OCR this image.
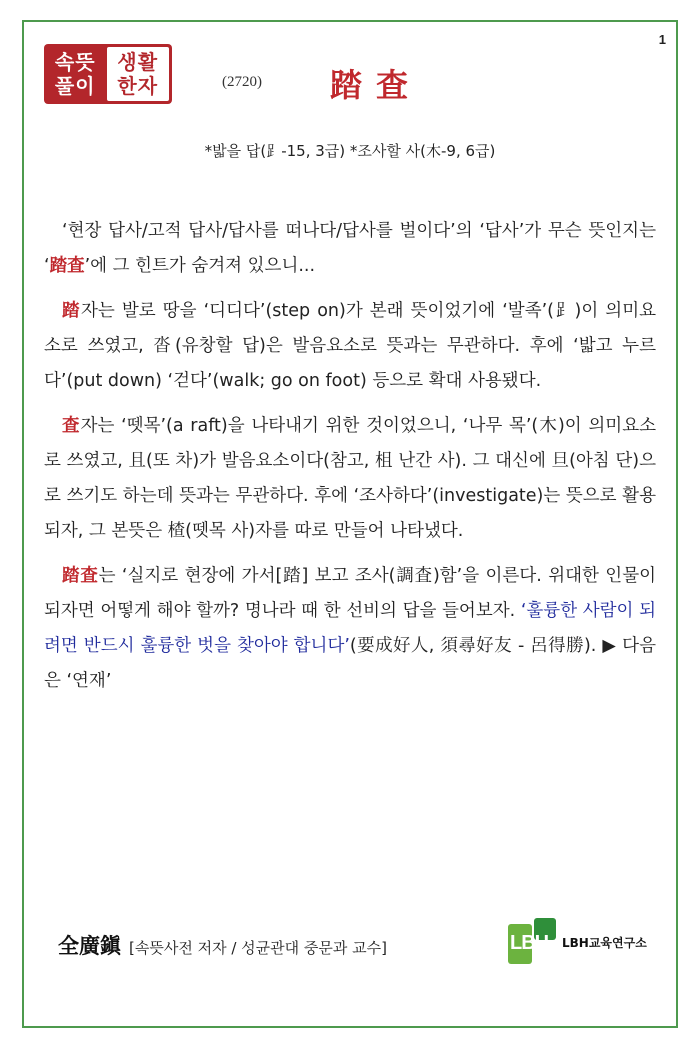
1
속뜻
풀이
생활
한자	(2720) 踏査
*밟을 답(⻊-15, 3급) *조사할 사(木-9, 6급)

‘현장 답사/고적 답사/답사를 떠나다/답사를 벌이다’의 ‘답사’가 무슨 뜻인지는 ‘踏査’에 그 힌트가 숨겨져 있으니...

踏자는 발로 땅을 ‘디디다’(step on)가 본래 뜻이었기에 ‘발족’(⻊)이 의미요소로 쓰였고, 沓(유창할 답)은 발음요소로 뜻과는 무관하다. 후에 ‘밟고 누르다’(put down) ‘걷다’(walk; go on foot) 등으로 확대 사용됐다.

査자는 ‘뗏목’(a raft)을 나타내기 위한 것이었으니, ‘나무 목’(木)이 의미요소로 쓰였고, 且(또 차)가 발음요소이다(참고, 柤 난간 사). 그 대신에 旦(아침 단)으로 쓰기도 하는데 뜻과는 무관하다. 후에 ‘조사하다’(investigate)는 뜻으로 활용되자, 그 본뜻은 楂(뗏목 사)자를 따로 만들어 나타냈다.

踏査는 ‘실지로 현장에 가서[踏] 보고 조사(調査)함’을 이른다. 위대한 인물이 되자면 어떻게 해야 할까? 명나라 때 한 선비의 답을 들어보자. ‘훌륭한 사람이 되려면 반드시 훌륭한 벗을 찾아야 합니다’(要成好人, 須尋好友 - 呂得勝). ▶ 다음은 ‘연재’

全廣鎭 [속뜻사전 저자 / 성균관대 중문과 교수]	LBH LBH교육연구소
